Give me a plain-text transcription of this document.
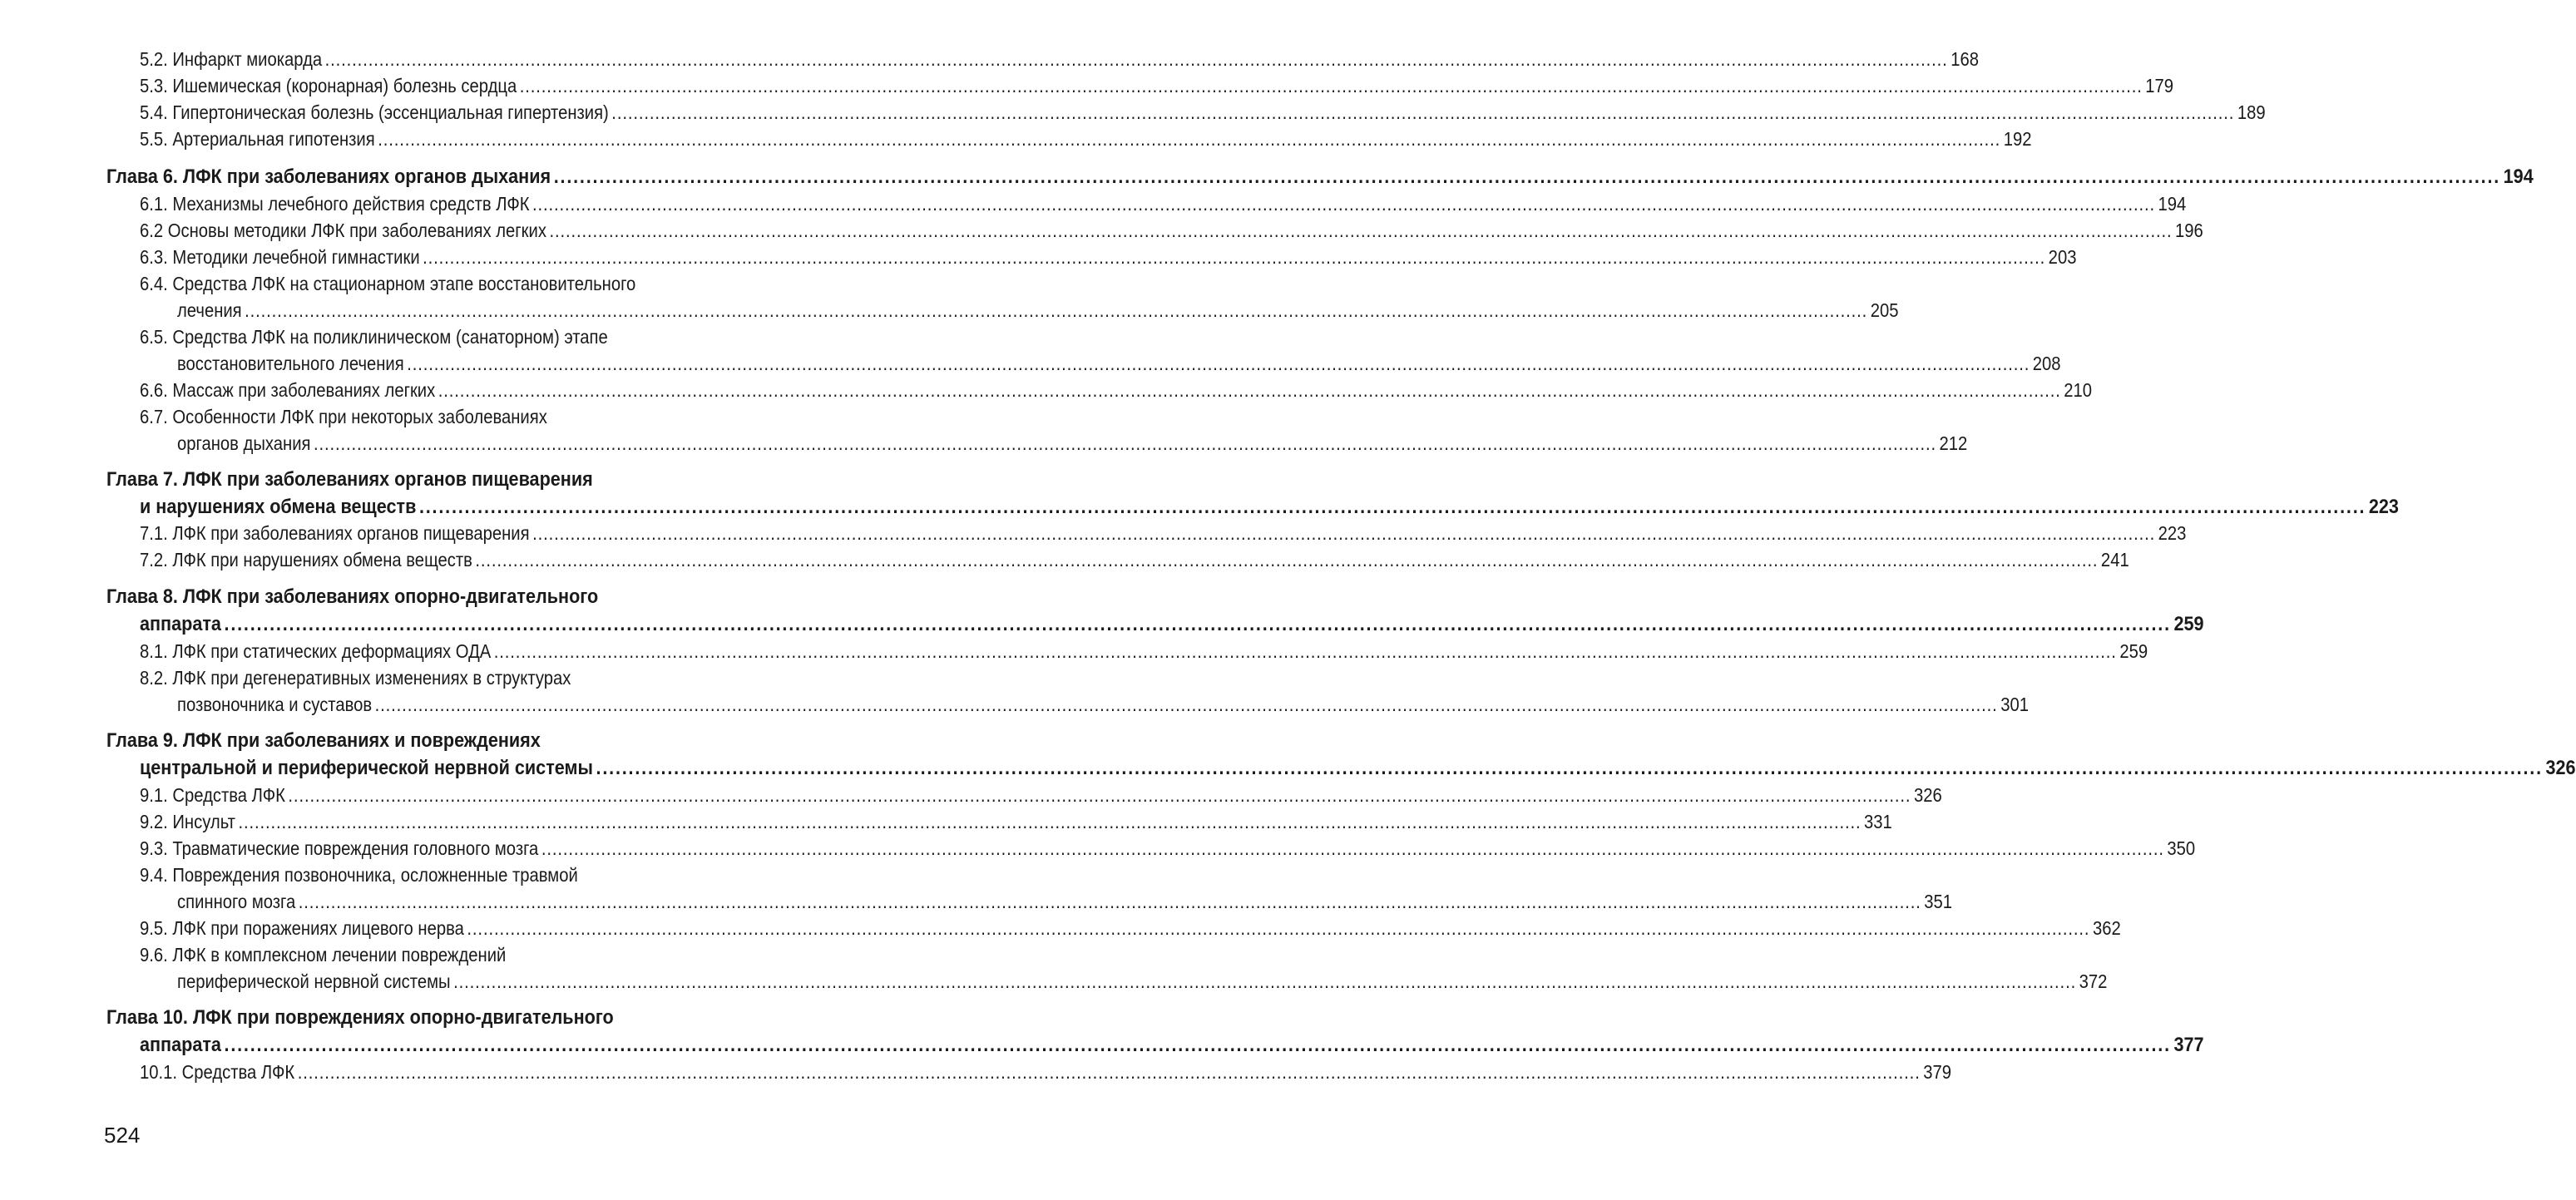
5.2. Инфаркт миокарда ............................................................................................................................................................................................................................................................................................................ 168
5.3. Ишемическая (коронарная) болезнь сердца ............................................................................................................................................................................................................................................................................................................ 179
5.4. Гипертоническая болезнь (эссенциальная гипертензия) ............................................................................................................................................................................................................................................................................................................ 189
5.5. Артериальная гипотензия ............................................................................................................................................................................................................................................................................................................ 192
Глава 6. ЛФК при заболеваниях органов дыхания ............................................................................................................................................................................................................................................................................................................ 194
6.1. Механизмы лечебного действия средств ЛФК ............................................................................................................................................................................................................................................................................................................ 194
6.2 Основы методики ЛФК при заболеваниях легких ............................................................................................................................................................................................................................................................................................................ 196
6.3. Методики лечебной гимнастики ............................................................................................................................................................................................................................................................................................................ 203
6.4. Средства ЛФК на стационарном этапе восстановительного
лечения ............................................................................................................................................................................................................................................................................................................ 205
6.5. Средства ЛФК на поликлиническом (санаторном) этапе
восстановительного лечения ............................................................................................................................................................................................................................................................................................................ 208
6.6. Массаж при заболеваниях легких ............................................................................................................................................................................................................................................................................................................ 210
6.7. Особенности ЛФК при некоторых заболеваниях
органов дыхания ............................................................................................................................................................................................................................................................................................................ 212
Глава 7. ЛФК при заболеваниях органов пищеварения
и нарушениях обмена веществ ............................................................................................................................................................................................................................................................................................................ 223
7.1. ЛФК при заболеваниях органов пищеварения ............................................................................................................................................................................................................................................................................................................ 223
7.2. ЛФК при нарушениях обмена веществ ............................................................................................................................................................................................................................................................................................................ 241
Глава 8. ЛФК при заболеваниях опорно-двигательного
аппарата ............................................................................................................................................................................................................................................................................................................ 259
8.1. ЛФК при статических деформациях ОДА ............................................................................................................................................................................................................................................................................................................ 259
8.2. ЛФК при дегенеративных изменениях в структурах
позвоночника и суставов ............................................................................................................................................................................................................................................................................................................ 301
Глава 9. ЛФК при заболеваниях и повреждениях
центральной и периферической нервной системы ............................................................................................................................................................................................................................................................................................................ 326
9.1. Средства ЛФК ............................................................................................................................................................................................................................................................................................................ 326
9.2. Инсульт ............................................................................................................................................................................................................................................................................................................ 331
9.3. Травматические повреждения головного мозга ............................................................................................................................................................................................................................................................................................................ 350
9.4. Повреждения позвоночника, осложненные травмой
спинного мозга ............................................................................................................................................................................................................................................................................................................ 351
9.5. ЛФК при поражениях лицевого нерва ............................................................................................................................................................................................................................................................................................................ 362
9.6. ЛФК в комплексном лечении повреждений
периферической нервной системы ............................................................................................................................................................................................................................................................................................................ 372
Глава 10. ЛФК при повреждениях опорно-двигательного
аппарата ............................................................................................................................................................................................................................................................................................................ 377
10.1. Средства ЛФК ............................................................................................................................................................................................................................................................................................................ 379
524
